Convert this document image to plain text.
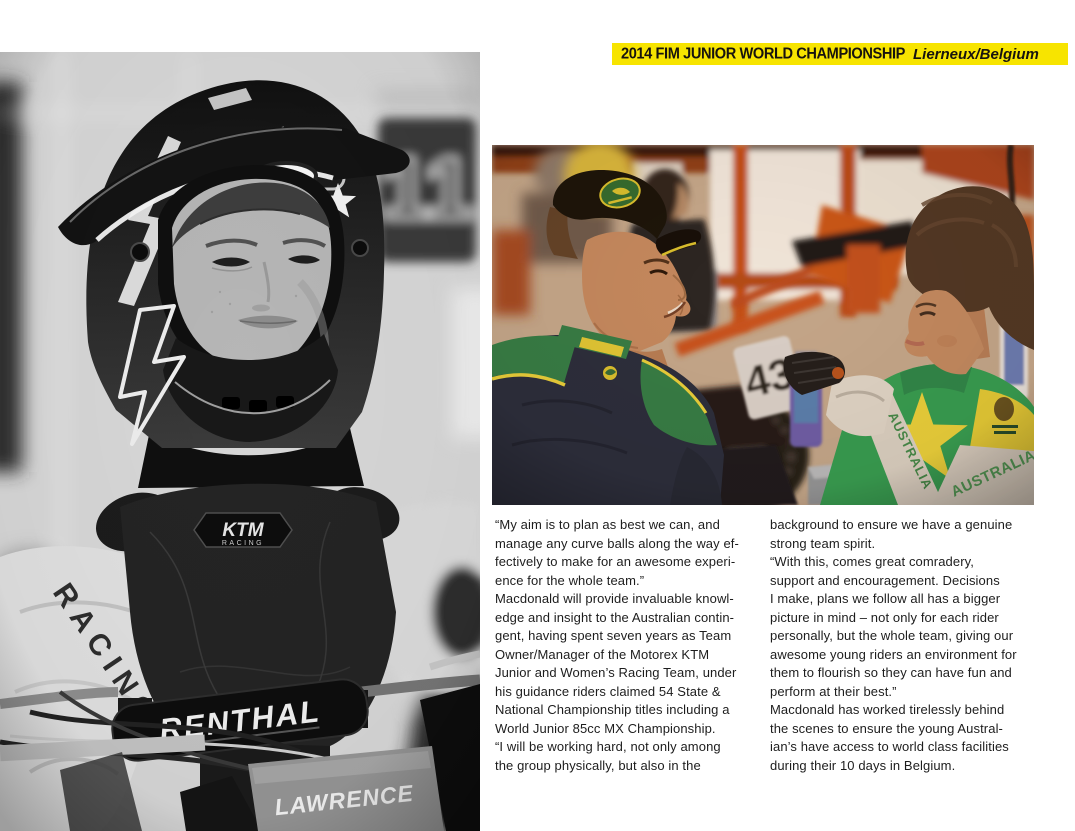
2014 FIM JUNIOR WORLD CHAMPIONSHIP Lierneux/Belgium
“My aim is to plan as best we can, and
manage any curve balls along the way ef-
fectively to make for an awesome experi-
ence for the whole team.”
Macdonald will provide invaluable knowl-
edge and insight to the Australian contin-
gent, having spent seven years as Team
Owner/Manager of the Motorex KTM
Junior and Women’s Racing Team, under
his guidance riders claimed 54 State &
National Championship titles including a
World Junior 85cc MX Championship.
“I will be working hard, not only among
the group physically, but also in the
background to ensure we have a genuine
strong team spirit.
“With this, comes great comradery,
support and encouragement. Decisions
I make, plans we follow all has a bigger
picture in mind – not only for each rider
personally, but the whole team, giving our
awesome young riders an environment for
them to flourish so they can have fun and
perform at their best.”
Macdonald has worked tirelessly behind
the scenes to ensure the young Austral-
ian’s have access to world class facilities
during their 10 days in Belgium.
